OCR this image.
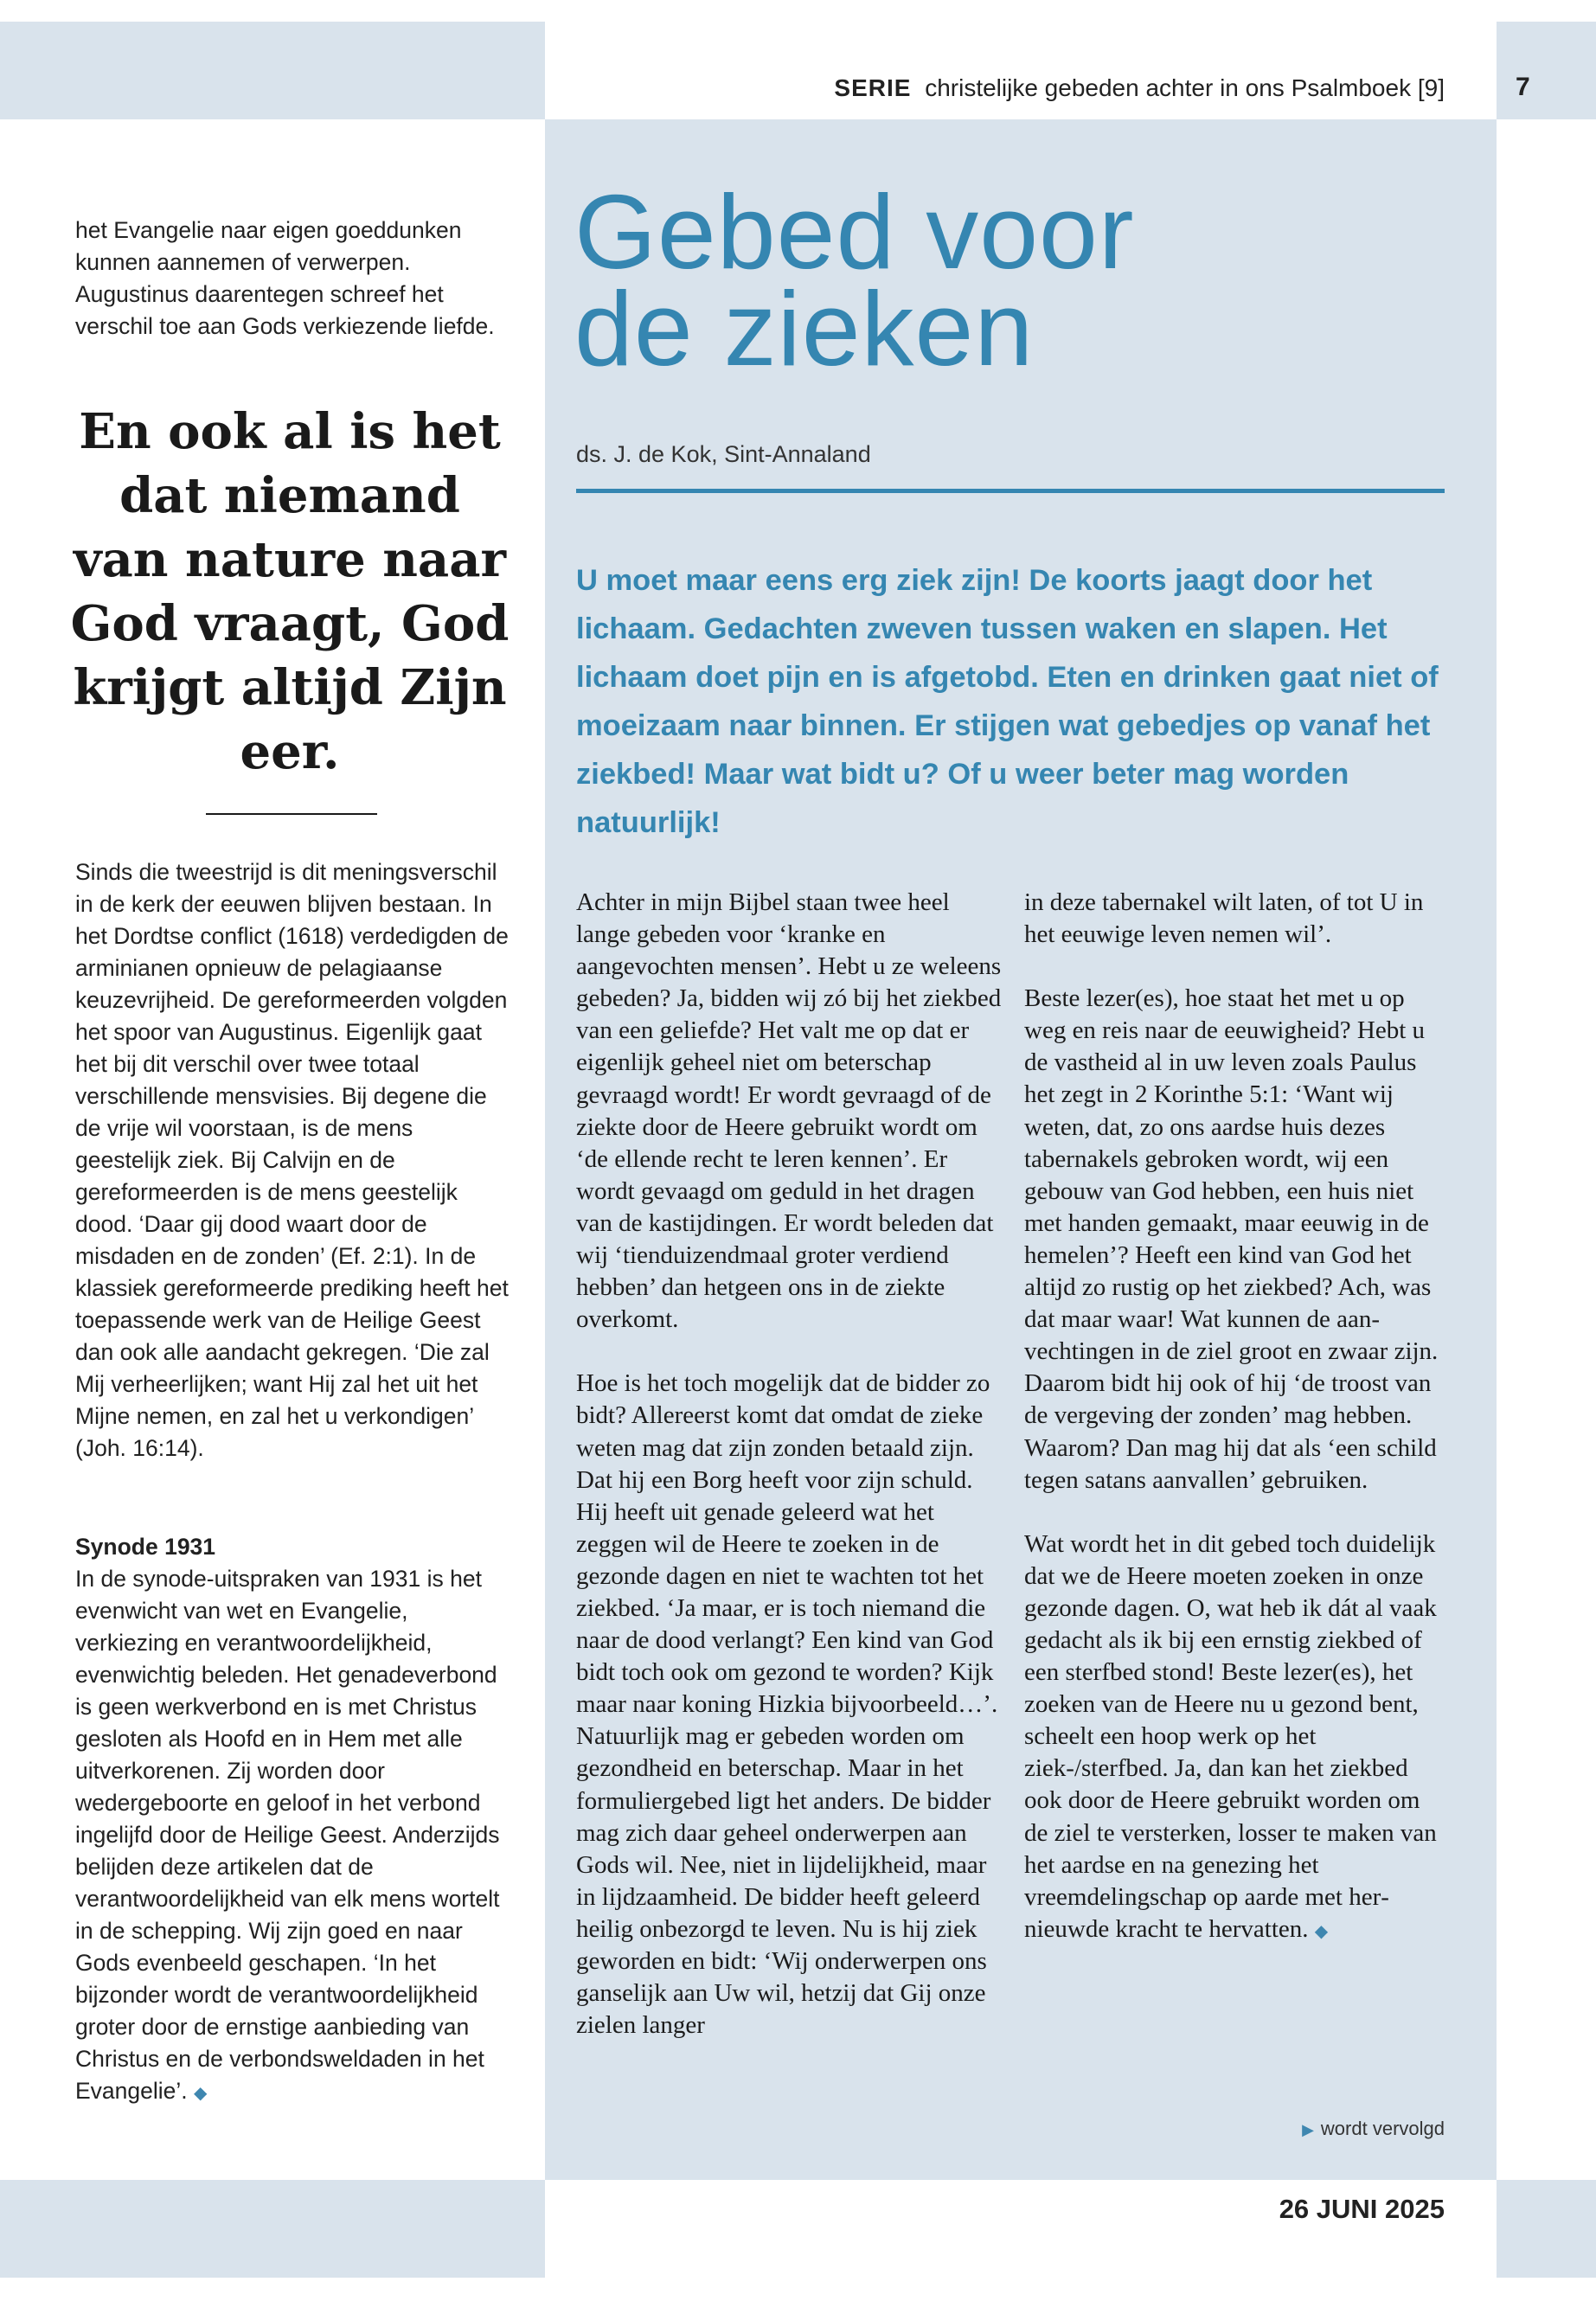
SERIE christelijke gebeden achter in ons Psalmboek [9]	7

het Evangelie naar eigen goeddunken kunnen aannemen of verwerpen. Augustinus daarentegen schreef het verschil toe aan Gods verkiezende liefde.

En ook al is het dat niemand van nature naar God vraagt, God krijgt altijd Zijn eer.

Sinds die tweestrijd is dit meningsverschil in de kerk der eeuwen blijven bestaan. In het Dordtse conflict (1618) verdedigden de arminianen opnieuw de pelagiaanse keuzevrijheid. De gereformeerden volgden het spoor van Augustinus. Eigenlijk gaat het bij dit verschil over twee totaal verschillende mensvisies. Bij degene die de vrije wil voorstaan, is de mens geestelijk ziek. Bij Calvijn en de gereformeerden is de mens geestelijk dood. ‘Daar gij dood waart door de misdaden en de zonden’ (Ef. 2:1). In de klassiek gereformeerde prediking heeft het toepassende werk van de Heilige Geest dan ook alle aandacht gekregen. ‘Die zal Mij verheerlijken; want Hij zal het uit het Mijne nemen, en zal het u verkondigen’ (Joh. 16:14).

Synode 1931

In de synode-uitspraken van 1931 is het evenwicht van wet en Evangelie, verkiezing en verantwoordelijkheid, evenwichtig beleden. Het genadeverbond is geen werkverbond en is met Christus gesloten als Hoofd en in Hem met alle uitverkorenen. Zij worden door wedergeboorte en geloof in het verbond ingelijfd door de Heilige Geest. Anderzijds belijden deze artikelen dat de verantwoordelijkheid van elk mens wortelt in de schepping. Wij zijn goed en naar Gods evenbeeld geschapen. ‘In het bijzonder wordt de verantwoordelijkheid groter door de ernstige aanbieding van Christus en de verbondsweldaden in het Evangelie’. ◆

Gebed voor
de zieken
ds. J. de Kok, Sint-Annaland

U moet maar eens erg ziek zijn! De koorts jaagt door het lichaam. Gedachten zweven tussen waken en slapen. Het lichaam doet pijn en is afgetobd. Eten en drinken gaat niet of moeizaam naar binnen. Er stijgen wat gebedjes op vanaf het ziekbed! Maar wat bidt u? Of u weer beter mag worden natuurlijk!

Achter in mijn Bijbel staan twee heel lange gebeden voor ‘kranke en aangevochten mensen’. Hebt u ze weleens gebeden? Ja, bidden wij zó bij het ziekbed van een geliefde? Het valt me op dat er eigenlijk geheel niet om beterschap gevraagd wordt! Er wordt gevraagd of de ziekte door de Heere gebruikt wordt om ‘de ellende recht te leren kennen’. Er wordt gevaagd om geduld in het dragen van de kastijdingen. Er wordt beleden dat wij ‘tienduizendmaal groter verdiend hebben’ dan hetgeen ons in de ziekte overkomt.

Hoe is het toch mogelijk dat de bidder zo bidt? Allereerst komt dat omdat de zieke weten mag dat zijn zonden betaald zijn. Dat hij een Borg heeft voor zijn schuld. Hij heeft uit genade geleerd wat het zeggen wil de Heere te zoeken in de gezonde dagen en niet te wachten tot het ziekbed. ‘Ja maar, er is toch niemand die naar de dood verlangt? Een kind van God bidt toch ook om gezond te worden? Kijk maar naar koning Hizkia bijvoorbeeld…’. Natuurlijk mag er gebeden worden om gezondheid en beterschap. Maar in het formuliergebed ligt het anders. De bidder mag zich daar geheel onderwerpen aan Gods wil. Nee, niet in lijdelijkheid, maar in lijdzaamheid. De bidder heeft geleerd heilig onbezorgd te leven. Nu is hij ziek geworden en bidt: ‘Wij onderwerpen ons ganselijk aan Uw wil, hetzij dat Gij onze zielen langer

in deze tabernakel wilt laten, of tot U in het eeuwige leven nemen wil’.

Beste lezer(es), hoe staat het met u op weg en reis naar de eeuwigheid? Hebt u de vastheid al in uw leven zoals Paulus het zegt in 2 Korinthe 5:1: ‘Want wij weten, dat, zo ons aardse huis dezes tabernakels gebroken wordt, wij een gebouw van God hebben, een huis niet met handen gemaakt, maar eeuwig in de hemelen’? Heeft een kind van God het altijd zo rustig op het ziekbed? Ach, was dat maar waar! Wat kunnen de aanvechtingen in de ziel groot en zwaar zijn. Daarom bidt hij ook of hij ‘de troost van de vergeving der zonden’ mag hebben. Waarom? Dan mag hij dat als ‘een schild tegen satans aanvallen’ gebruiken.

Wat wordt het in dit gebed toch duidelijk dat we de Heere moeten zoeken in onze gezonde dagen. O, wat heb ik dát al vaak gedacht als ik bij een ernstig ziekbed of een sterfbed stond! Beste lezer(es), het zoeken van de Heere nu u gezond bent, scheelt een hoop werk op het ziek-/sterfbed. Ja, dan kan het ziekbed ook door de Heere gebruikt worden om de ziel te versterken, losser te maken van het aardse en na genezing het vreemdelingschap op aarde met hernieuwde kracht te hervatten. ◆

▶ wordt vervolgd
26 JUNI 2025
